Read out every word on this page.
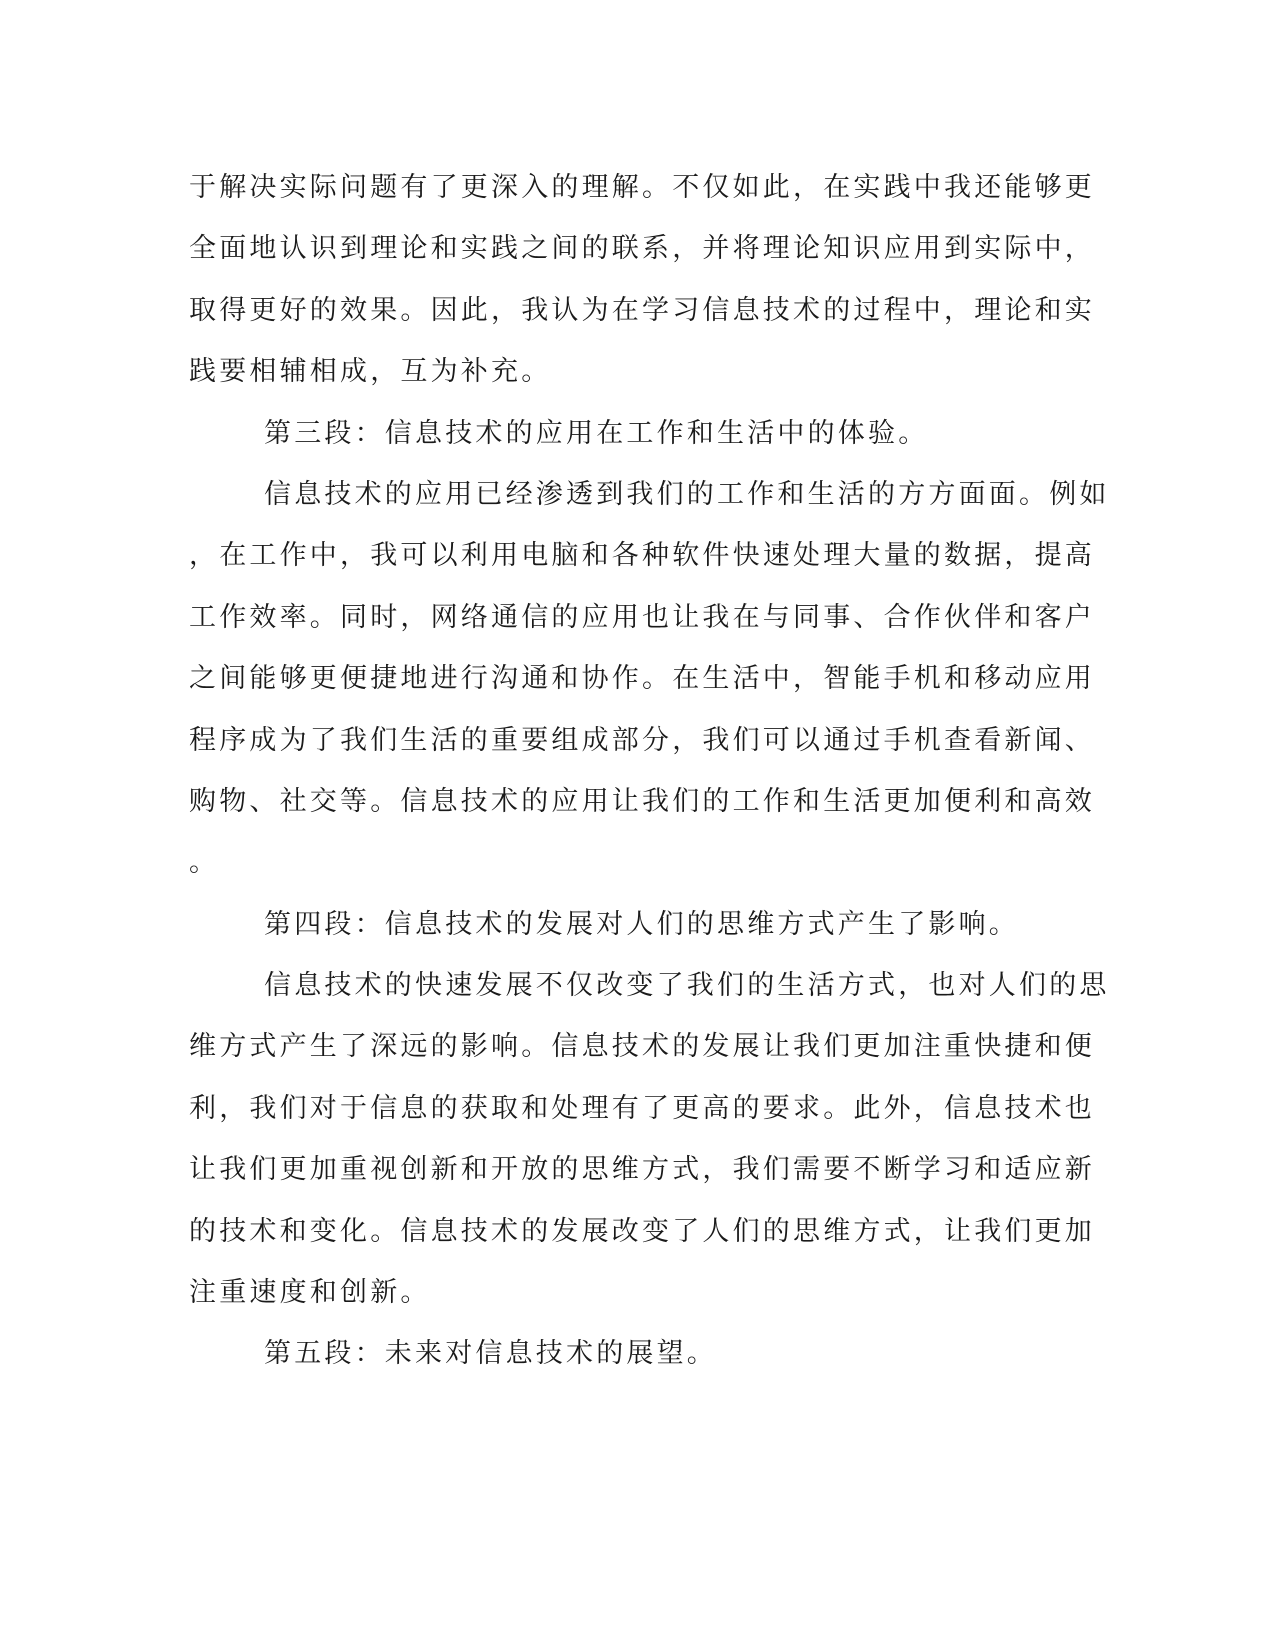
于解决实际问题有了更深入的理解。不仅如此，在实践中我还能够更
全面地认识到理论和实践之间的联系，并将理论知识应用到实际中，
取得更好的效果。因此，我认为在学习信息技术的过程中，理论和实
践要相辅相成，互为补充。
第三段：信息技术的应用在工作和生活中的体验。
信息技术的应用已经渗透到我们的工作和生活的方方面面。例如
，在工作中，我可以利用电脑和各种软件快速处理大量的数据，提高
工作效率。同时，网络通信的应用也让我在与同事、合作伙伴和客户
之间能够更便捷地进行沟通和协作。在生活中，智能手机和移动应用
程序成为了我们生活的重要组成部分，我们可以通过手机查看新闻、
购物、社交等。信息技术的应用让我们的工作和生活更加便利和高效
。
第四段：信息技术的发展对人们的思维方式产生了影响。
信息技术的快速发展不仅改变了我们的生活方式，也对人们的思
维方式产生了深远的影响。信息技术的发展让我们更加注重快捷和便
利，我们对于信息的获取和处理有了更高的要求。此外，信息技术也
让我们更加重视创新和开放的思维方式，我们需要不断学习和适应新
的技术和变化。信息技术的发展改变了人们的思维方式，让我们更加
注重速度和创新。
第五段：未来对信息技术的展望。
